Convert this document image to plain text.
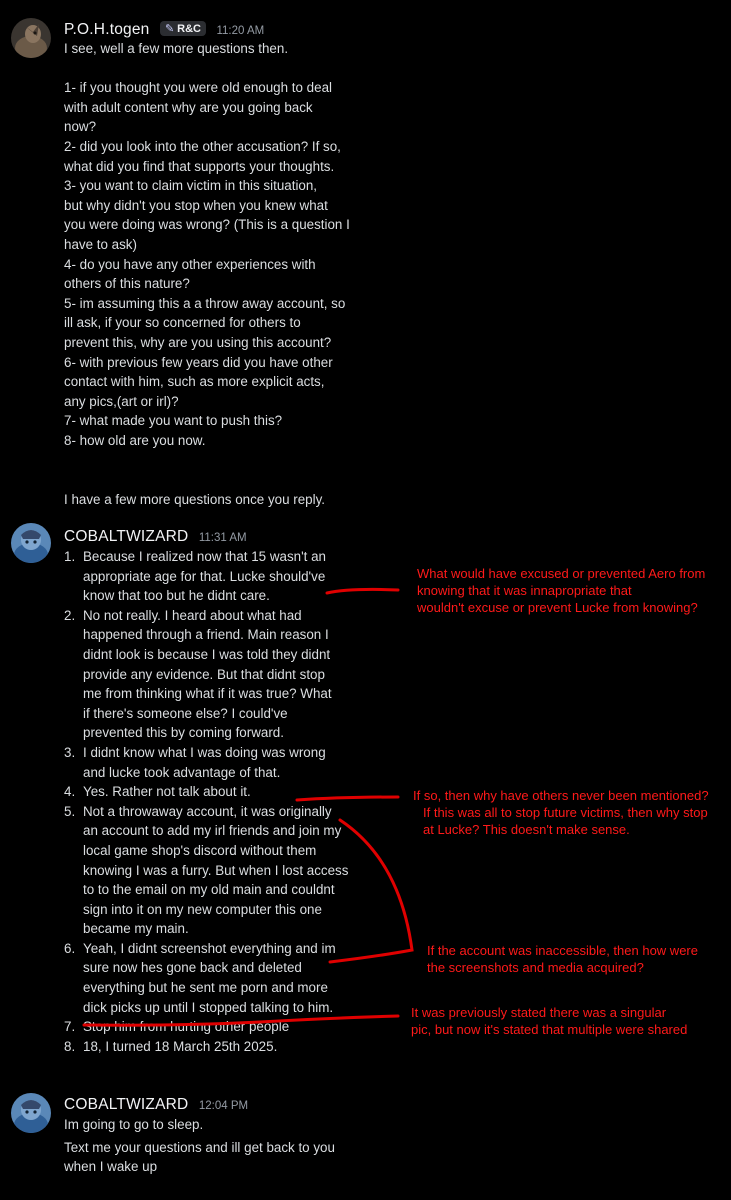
P.O.H.togen ✎ R&C 11:20 AM
I see, well a few more questions then.

1- if you thought you were old enough to deal
with adult content why are you going back
now?
2- did you look into the other accusation? If so,
what did you find that supports your thoughts.
3- you want to claim victim in this situation,
but why didn't you stop when you knew what
you were doing was wrong? (This is a question I
have to ask)
4- do you have any other experiences with
others of this nature?
5- im assuming this a a throw away account, so
ill ask, if your so concerned for others to
prevent this, why are you using this account?
6- with previous few years did you have other
contact with him, such as more explicit acts,
any pics,(art or irl)?
7- what made you want to push this?
8- how old are you now.

I have a few more questions once you reply.
COBALTWIZARD 11:31 AM
1. Because I realized now that 15 wasn't an
appropriate age for that. Lucke should've
know that too but he didnt care.
2. No not really. I heard about what had
happened through a friend. Main reason I
didnt look is because I was told they didnt
provide any evidence. But that didnt stop
me from thinking what if it was true? What
if there's someone else? I could've
prevented this by coming forward.
3. I didnt know what I was doing was wrong
and lucke took advantage of that.
4. Yes. Rather not talk about it.
5. Not a throwaway account, it was originally
an account to add my irl friends and join my
local game shop's discord without them
knowing I was a furry. But when I lost access
to to the email on my old main and couldnt
sign into it on my new computer this one
became my main.
6. Yeah, I didnt screenshot everything and im
sure now hes gone back and deleted
everything but he sent me porn and more
dick picks up until I stopped talking to him.
7. Stop him from hurting other people
8. 18, I turned 18 March 25th 2025.
COBALTWIZARD 12:04 PM
Im going to go to sleep.
Text me your questions and ill get back to you
when I wake up
What would have excused or prevented Aero from
knowing that it was innapropriate that
wouldn't excuse or prevent Lucke from knowing?
If so, then why have others never been mentioned?
If this was all to stop future victims, then why stop
at Lucke? This doesn't make sense.
If the account was inaccessible, then how were
the screenshots and media acquired?
It was previously stated there was a singular
pic, but now it's stated that multiple were shared
